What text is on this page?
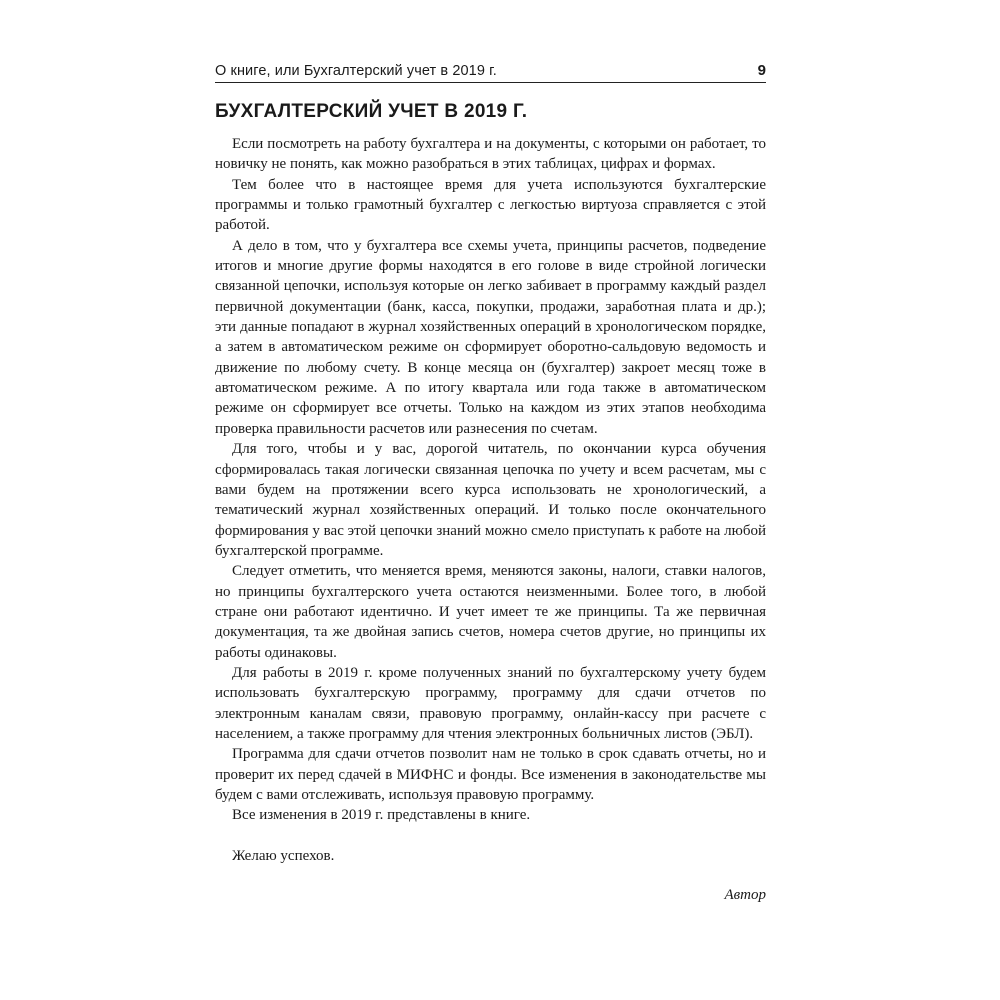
О книге, или Бухгалтерский учет в 2019 г.	9
БУХГАЛТЕРСКИЙ УЧЕТ В 2019 Г.

Если посмотреть на работу бухгалтера и на документы, с которыми он работает, то новичку не понять, как можно разобраться в этих таблицах, цифрах и формах.

Тем более что в настоящее время для учета используются бухгалтерские программы и только грамотный бухгалтер с легкостью виртуоза справляется с этой работой.

А дело в том, что у бухгалтера все схемы учета, принципы расчетов, подведение итогов и многие другие формы находятся в его голове в виде стройной логически связанной цепочки, используя которые он легко забивает в программу каждый раздел первичной документации (банк, касса, покупки, продажи, заработная плата и др.); эти данные попадают в журнал хозяйственных операций в хронологическом порядке, а затем в автоматическом режиме он сформирует оборотно-сальдовую ведомость и движение по любому счету. В конце месяца он (бухгалтер) закроет месяц тоже в автоматическом режиме. А по итогу квартала или года также в автоматическом режиме он сформирует все отчеты. Только на каждом из этих этапов необходима проверка правильности расчетов или разнесения по счетам.

Для того, чтобы и у вас, дорогой читатель, по окончании курса обучения сформировалась такая логически связанная цепочка по учету и всем расчетам, мы с вами будем на протяжении всего курса использовать не хронологический, а тематический журнал хозяйственных операций. И только после окончательного формирования у вас этой цепочки знаний можно смело приступать к работе на любой бухгалтерской программе.

Следует отметить, что меняется время, меняются законы, налоги, ставки налогов, но принципы бухгалтерского учета остаются неизменными. Более того, в любой стране они работают идентично. И учет имеет те же принципы. Та же первичная документация, та же двойная запись счетов, номера счетов другие, но принципы их работы одинаковы.

Для работы в 2019 г. кроме полученных знаний по бухгалтерскому учету будем использовать бухгалтерскую программу, программу для сдачи отчетов по электронным каналам связи, правовую программу, онлайн-кассу при расчете с населением, а также программу для чтения электронных больничных листов (ЭБЛ).

Программа для сдачи отчетов позволит нам не только в срок сдавать отчеты, но и проверит их перед сдачей в МИФНС и фонды. Все изменения в законодательстве мы будем с вами отслеживать, используя правовую программу.

Все изменения в 2019 г. представлены в книге.

Желаю успехов.

Автор
